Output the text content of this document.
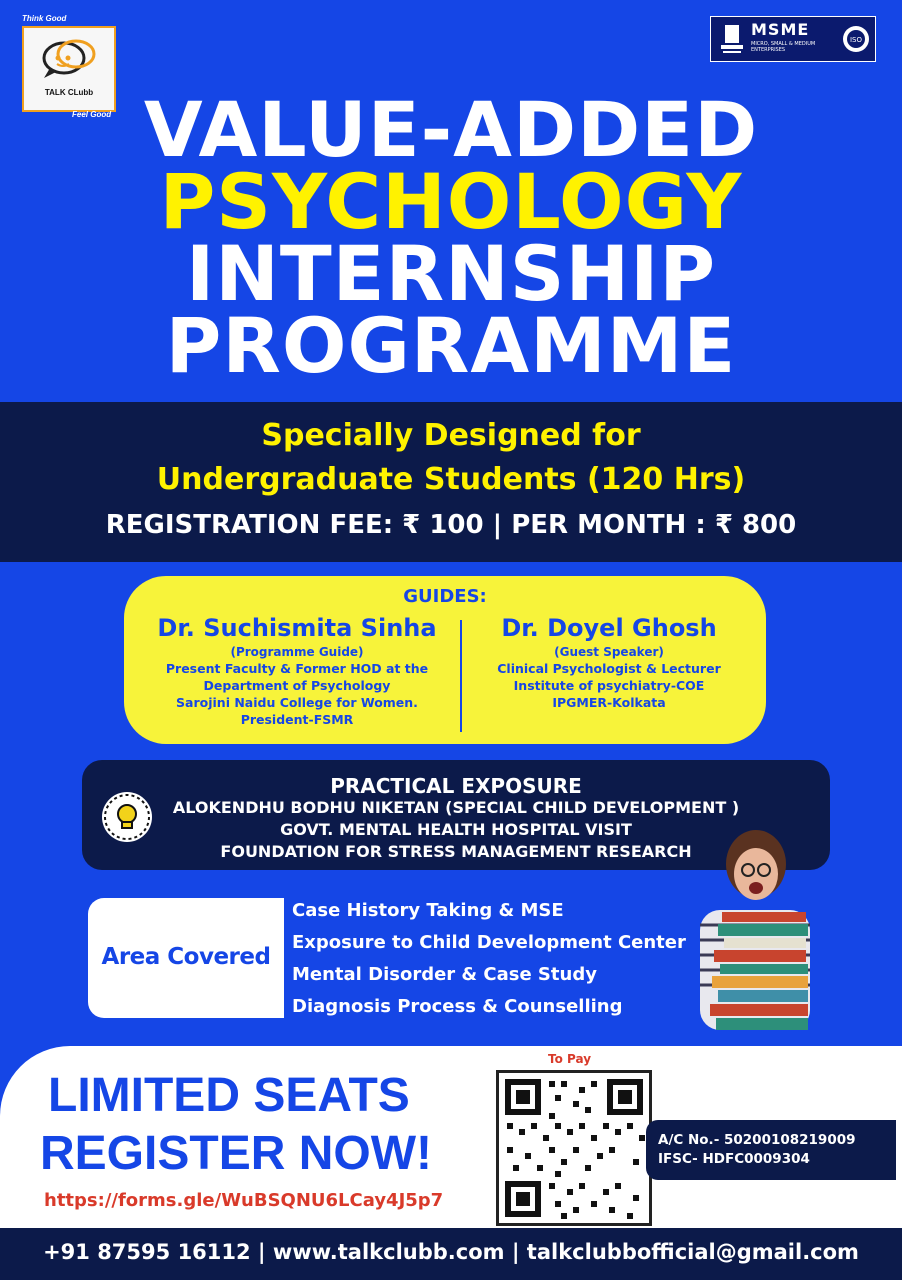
Think Good
TALK CLubb
Feel Good
MSME
MICRO, SMALL & MEDIUM ENTERPRISES
ISO
VALUE-ADDED
PSYCHOLOGY
INTERNSHIP
PROGRAMME
Specially Designed for
Undergraduate Students (120 Hrs)
REGISTRATION FEE: ₹ 100 | PER MONTH : ₹ 800
GUIDES:
Dr. Suchismita Sinha
(Programme Guide)
Present Faculty & Former HOD at the
Department of Psychology
Sarojini Naidu College for Women.
President-FSMR
Dr. Doyel Ghosh
(Guest Speaker)
Clinical Psychologist & Lecturer
Institute of psychiatry-COE
IPGMER-Kolkata
PRACTICAL EXPOSURE
ALOKENDHU BODHU NIKETAN (SPECIAL CHILD DEVELOPMENT )
GOVT. MENTAL HEALTH HOSPITAL VISIT
FOUNDATION FOR STRESS MANAGEMENT RESEARCH
Area Covered
Case History Taking & MSE
Exposure to Child Development Center
Mental Disorder & Case Study
Diagnosis Process & Counselling
LIMITED SEATS
REGISTER NOW!
https://forms.gle/WuBSQNU6LCay4J5p7
To Pay
A/C No.- 50200108219009
IFSC- HDFC0009304
+91 87595 16112 | www.talkclubb.com | talkclubbofficial@gmail.com
